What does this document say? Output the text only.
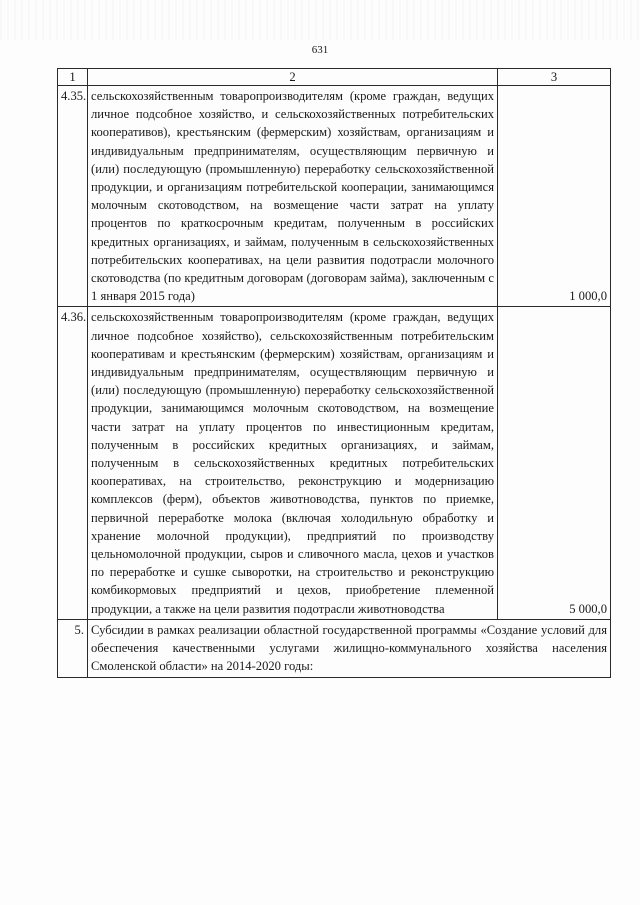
631
1	2	3
4.35.	сельскохозяйственным товаропроизводителям (кроме граждан, ведущих личное подсобное хозяйство, и сельскохозяйственных потребительских кооперативов), крестьянским (фермерским) хозяйствам, организациям и индивидуальным предпринимателям, осуществляющим первичную и (или) последующую (промышленную) переработку сельскохозяйственной продукции, и организациям потребительской кооперации, занимающимся молочным скотоводством, на возмещение части затрат на уплату процентов по краткосрочным кредитам, полученным в российских кредитных организациях, и займам, полученным в сельскохозяйственных потребительских кооперативах, на цели развития подотрасли молочного скотоводства (по кредитным договорам (договорам займа), заключенным с 1 января 2015 года)	1 000,0
4.36.	сельскохозяйственным товаропроизводителям (кроме граждан, ведущих личное подсобное хозяйство), сельскохозяйственным потребительским кооперативам и крестьянским (фермерским) хозяйствам, организациям и индивидуальным предпринимателям, осуществляющим первичную и (или) последующую (промышленную) переработку сельскохозяйственной продукции, занимающимся молочным скотоводством, на возмещение части затрат на уплату процентов по инвестиционным кредитам, полученным в российских кредитных организациях, и займам, полученным в сельскохозяйственных кредитных потребительских кооперативах, на строительство, реконструкцию и модернизацию комплексов (ферм), объектов животноводства, пунктов по приемке, первичной переработке молока (включая холодильную обработку и хранение молочной продукции), предприятий по производству цельномолочной продукции, сыров и сливочного масла, цехов и участков по переработке и сушке сыворотки, на строительство и реконструкцию комбикормовых предприятий и цехов, приобретение племенной продукции, а также на цели развития подотрасли животноводства	5 000,0
5.	Субсидии в рамках реализации областной государственной программы «Создание условий для обеспечения качественными услугами жилищно-коммунального хозяйства населения Смоленской области» на 2014-2020 годы:	
